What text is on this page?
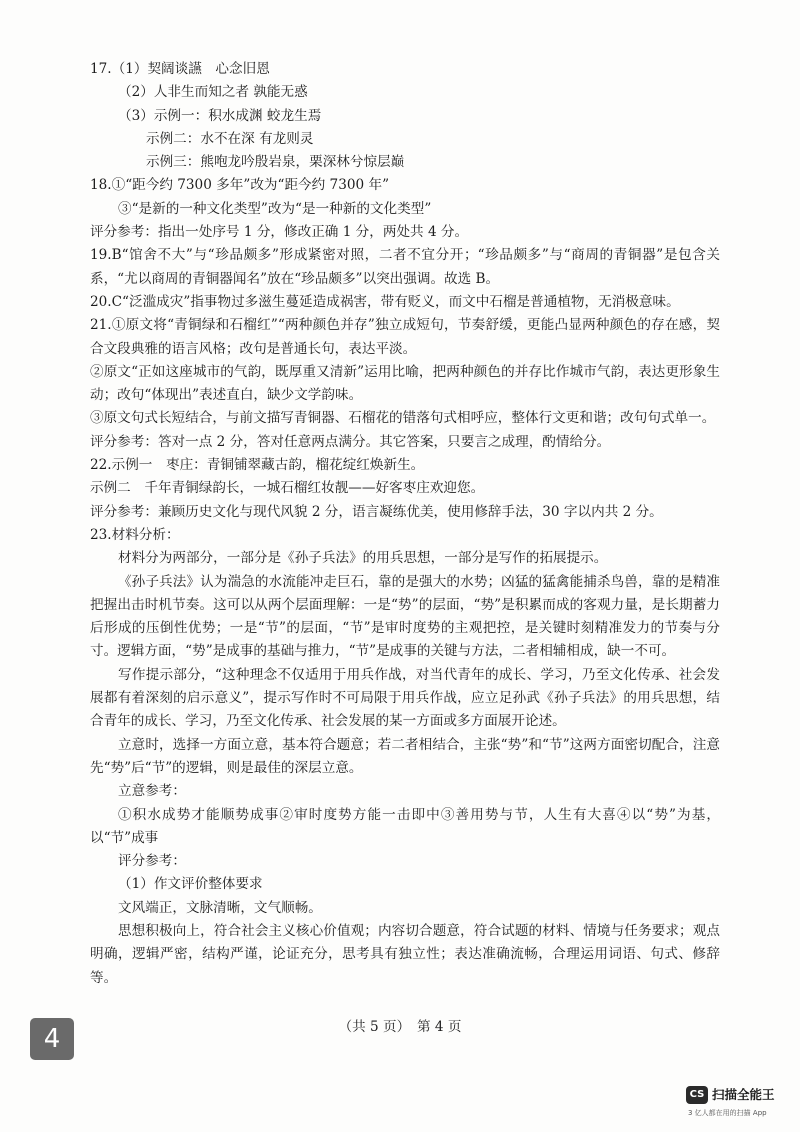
17.（1）契阔谈讌　心念旧恩
（2）人非生而知之者 孰能无惑
（3）示例一：积水成渊 蛟龙生焉
示例二：水不在深 有龙则灵
示例三：熊咆龙吟殷岩泉，栗深林兮惊层巅
18.①“距今约 7300 多年”改为“距今约 7300 年”
③“是新的一种文化类型”改为“是一种新的文化类型”
评分参考：指出一处序号 1 分，修改正确 1 分，两处共 4 分。
19.B“馆舍不大”与“珍品颇多”形成紧密对照，二者不宜分开；“珍品颇多”与“商周的青铜器”是包含关系，“尤以商周的青铜器闻名”放在“珍品颇多”以突出强调。故选 B。
20.C“泛滥成灾”指事物过多滋生蔓延造成祸害，带有贬义，而文中石榴是普通植物，无消极意味。
21.①原文将“青铜绿和石榴红”“两种颜色并存”独立成短句，节奏舒缓，更能凸显两种颜色的存在感，契合文段典雅的语言风格；改句是普通长句，表达平淡。
②原文“正如这座城市的气韵，既厚重又清新”运用比喻，把两种颜色的并存比作城市气韵，表达更形象生动；改句“体现出”表述直白，缺少文学韵味。
③原文句式长短结合，与前文描写青铜器、石榴花的错落句式相呼应，整体行文更和谐；改句句式单一。
评分参考：答对一点 2 分，答对任意两点满分。其它答案，只要言之成理，酌情给分。
22.示例一　枣庄：青铜铺翠藏古韵，榴花绽红焕新生。
示例二　千年青铜绿韵长，一城石榴红妆靓——好客枣庄欢迎您。
评分参考：兼顾历史文化与现代风貌 2 分，语言凝练优美，使用修辞手法，30 字以内共 2 分。
23.材料分析：
材料分为两部分，一部分是《孙子兵法》的用兵思想，一部分是写作的拓展提示。
《孙子兵法》认为湍急的水流能冲走巨石，靠的是强大的水势；凶猛的猛禽能捕杀鸟兽，靠的是精准把握出击时机节奏。这可以从两个层面理解：一是“势”的层面，“势”是积累而成的客观力量，是长期蓄力后形成的压倒性优势；一是“节”的层面，“节”是审时度势的主观把控，是关键时刻精准发力的节奏与分寸。逻辑方面，“势”是成事的基础与推力，“节”是成事的关键与方法，二者相辅相成，缺一不可。
写作提示部分，“这种理念不仅适用于用兵作战，对当代青年的成长、学习，乃至文化传承、社会发展都有着深刻的启示意义”，提示写作时不可局限于用兵作战，应立足孙武《孙子兵法》的用兵思想，结合青年的成长、学习，乃至文化传承、社会发展的某一方面或多方面展开论述。
立意时，选择一方面立意，基本符合题意；若二者相结合，主张“势”和“节”这两方面密切配合，注意先“势”后“节”的逻辑，则是最佳的深层立意。
立意参考：
①积水成势才能顺势成事②审时度势方能一击即中③善用势与节，人生有大喜④以“势”为基，以“节”成事
评分参考：
（1）作文评价整体要求
文风端正，文脉清晰，文气顺畅。
思想积极向上，符合社会主义核心价值观；内容切合题意，符合试题的材料、情境与任务要求；观点明确，逻辑严密，结构严谨，论证充分，思考具有独立性；表达准确流畅，合理运用词语、句式、修辞等。
（共 5 页）　第 4 页
4
CS 扫描全能王
3 亿人都在用的扫描 App
